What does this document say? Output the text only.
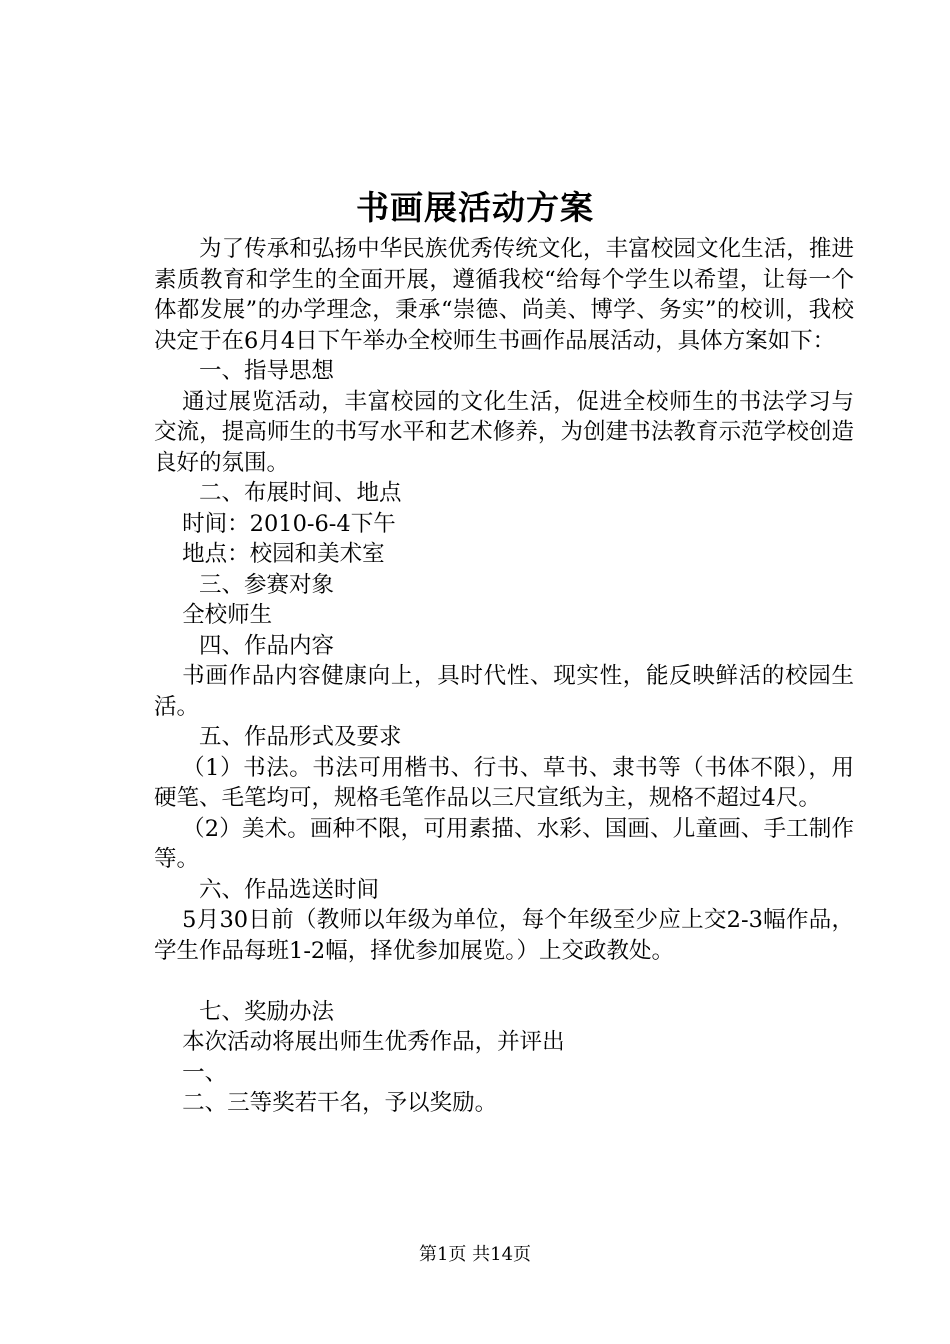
书画展活动方案

为了传承和弘扬中华民族优秀传统文化，丰富校园文化生活，推进素质教育和学生的全面开展，遵循我校“给每个学生以希望，让每一个体都发展”的办学理念，秉承“崇德、尚美、博学、务实”的校训，我校决定于在6月4日下午举办全校师生书画作品展活动，具体方案如下：

一、指导思想

通过展览活动，丰富校园的文化生活，促进全校师生的书法学习与交流，提高师生的书写水平和艺术修养，为创建书法教育示范学校创造良好的氛围。

二、布展时间、地点

时间：2010-6-4下午

地点：校园和美术室

三、参赛对象

全校师生

四、作品内容

书画作品内容健康向上，具时代性、现实性，能反映鲜活的校园生活。

五、作品形式及要求

（1）书法。书法可用楷书、行书、草书、隶书等（书体不限），用硬笔、毛笔均可，规格毛笔作品以三尺宣纸为主，规格不超过4尺。

（2）美术。画种不限，可用素描、水彩、国画、儿童画、手工制作等。

六、作品选送时间

5月30日前（教师以年级为单位，每个年级至少应上交2-3幅作品，学生作品每班1-2幅，择优参加展览。）上交政教处。

七、奖励办法

本次活动将展出师生优秀作品，并评出

一、

二、三等奖若干名，予以奖励。

第1页 共14页
